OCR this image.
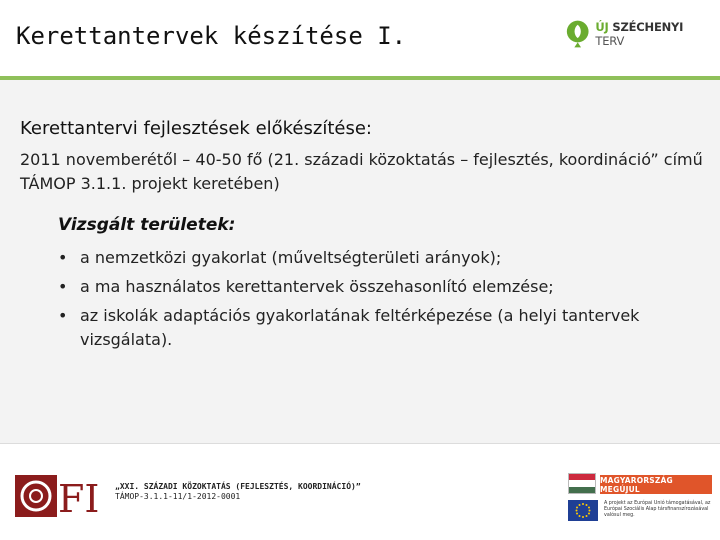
Kerettantervek készítése I.	ÚJ SZÉCHENYI TERV
Kerettantervi fejlesztések előkészítése:
2011 novemberétől – 40-50 fő (21. századi közoktatás – fejlesztés, koordináció” című TÁMOP 3.1.1. projekt keretében)
Vizsgált területek:
• a nemzetközi gyakorlat (műveltségterületi arányok);
• a ma használatos kerettantervek összehasonlító elemzése;
• az iskolák adaptációs gyakorlatának feltérképezése (a helyi tantervek vizsgálata).
FI „XXI. SZÁZADI KÖZOKTATÁS (FEJLESZTÉS, KOORDINÁCIÓ)”
TÁMOP-3.1.1-11/1-2012-0001
MAGYARORSZÁG MEGÚJUL
A projekt az Európai Unió támogatásával, az Európai Szociális Alap társfinanszírozásával valósul meg.
